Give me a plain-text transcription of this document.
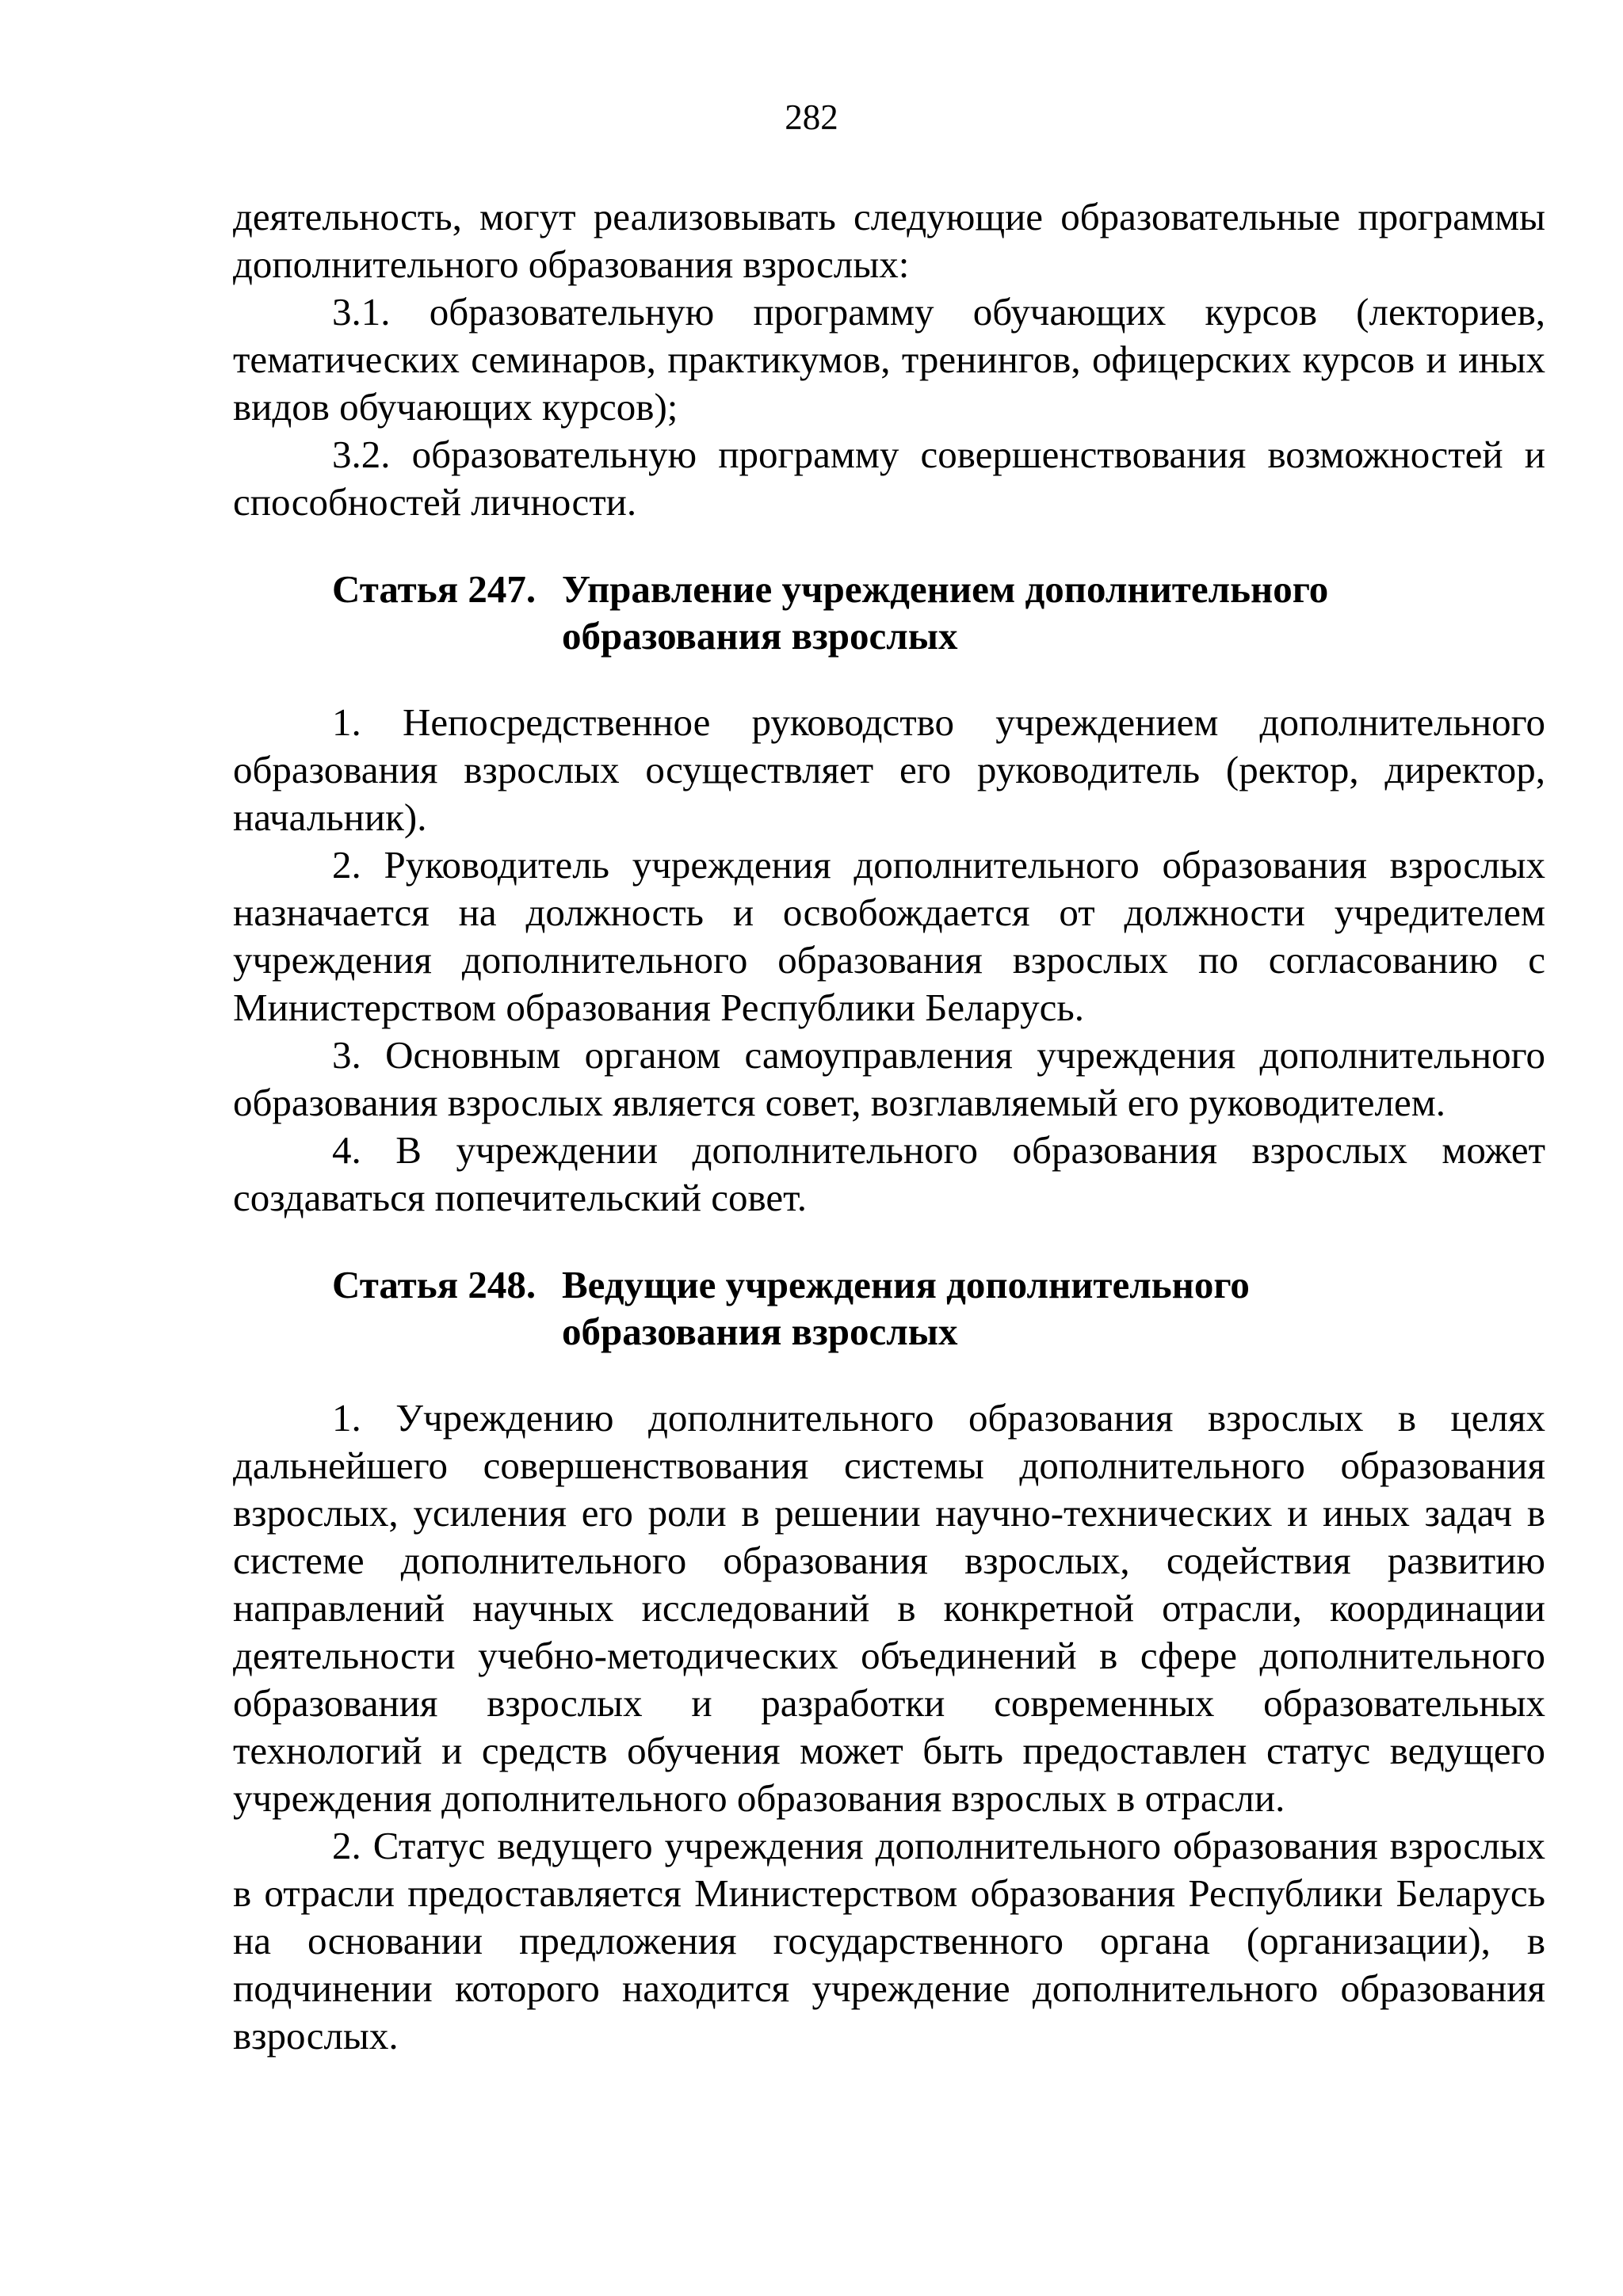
282

деятельность, могут реализовывать следующие образовательные программы дополнительного образования взрослых:

3.1. образовательную программу обучающих курсов (лекториев, тематических семинаров, практикумов, тренингов, офицерских курсов и иных видов обучающих курсов);

3.2. образовательную программу совершенствования возможностей и способностей личности.

Статья 247. Управление учреждением дополнительного образования взрослых

1. Непосредственное руководство учреждением дополнительного образования взрослых осуществляет его руководитель (ректор, директор, начальник).

2. Руководитель учреждения дополнительного образования взрослых назначается на должность и освобождается от должности учредителем учреждения дополнительного образования взрослых по согласованию с Министерством образования Республики Беларусь.

3. Основным органом самоуправления учреждения дополнительного образования взрослых является совет, возглавляемый его руководителем.

4. В учреждении дополнительного образования взрослых может создаваться попечительский совет.

Статья 248. Ведущие учреждения дополнительного образования взрослых

1. Учреждению дополнительного образования взрослых в целях дальнейшего совершенствования системы дополнительного образования взрослых, усиления его роли в решении научно-технических и иных задач в системе дополнительного образования взрослых, содействия развитию направлений научных исследований в конкретной отрасли, координации деятельности учебно-методических объединений в сфере дополнительного образования взрослых и разработки современных образовательных технологий и средств обучения может быть предоставлен статус ведущего учреждения дополнительного образования взрослых в отрасли.

2. Статус ведущего учреждения дополнительного образования взрослых в отрасли предоставляется Министерством образования Республики Беларусь на основании предложения государственного органа (организации), в подчинении которого находится учреждение дополнительного образования взрослых.
